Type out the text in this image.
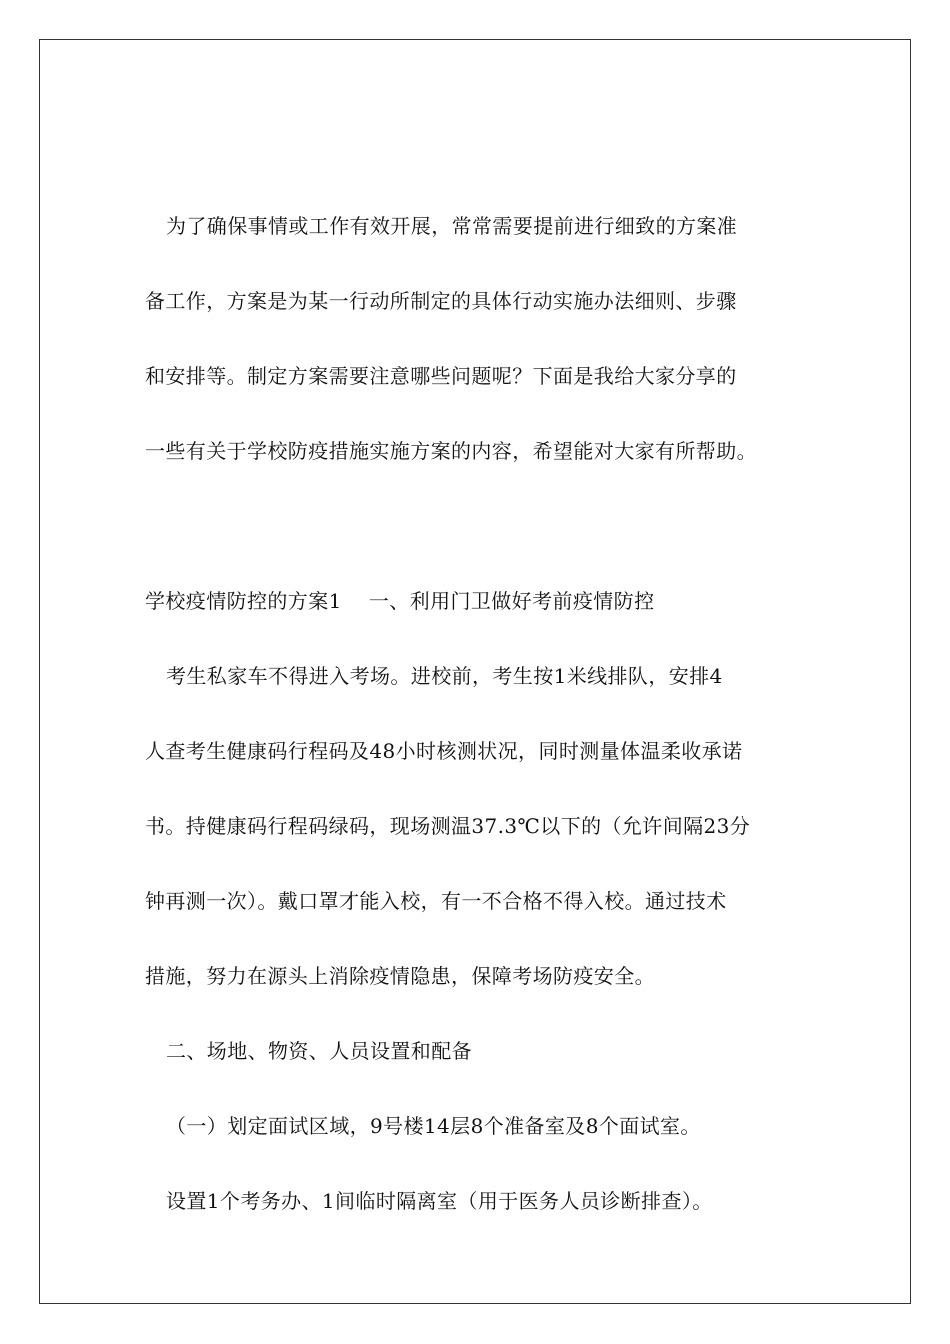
为了确保事情或工作有效开展，常常需要提前进行细致的方案准
备工作，方案是为某一行动所制定的具体行动实施办法细则、步骤
和安排等。制定方案需要注意哪些问题呢？下面是我给大家分享的
一些有关于学校防疫措施实施方案的内容，希望能对大家有所帮助。
学校疫情防控的方案1　 一、利用门卫做好考前疫情防控
考生私家车不得进入考场。进校前，考生按1米线排队，安排4
人查考生健康码行程码及48小时核测状况，同时测量体温柔收承诺
书。持健康码行程码绿码，现场测温37.3℃以下的（允许间隔23分
钟再测一次）。戴口罩才能入校，有一不合格不得入校。通过技术
措施，努力在源头上消除疫情隐患，保障考场防疫安全。
二、场地、物资、人员设置和配备
（一）划定面试区域，9号楼14层8个准备室及8个面试室。
设置1个考务办、1间临时隔离室（用于医务人员诊断排查）。
